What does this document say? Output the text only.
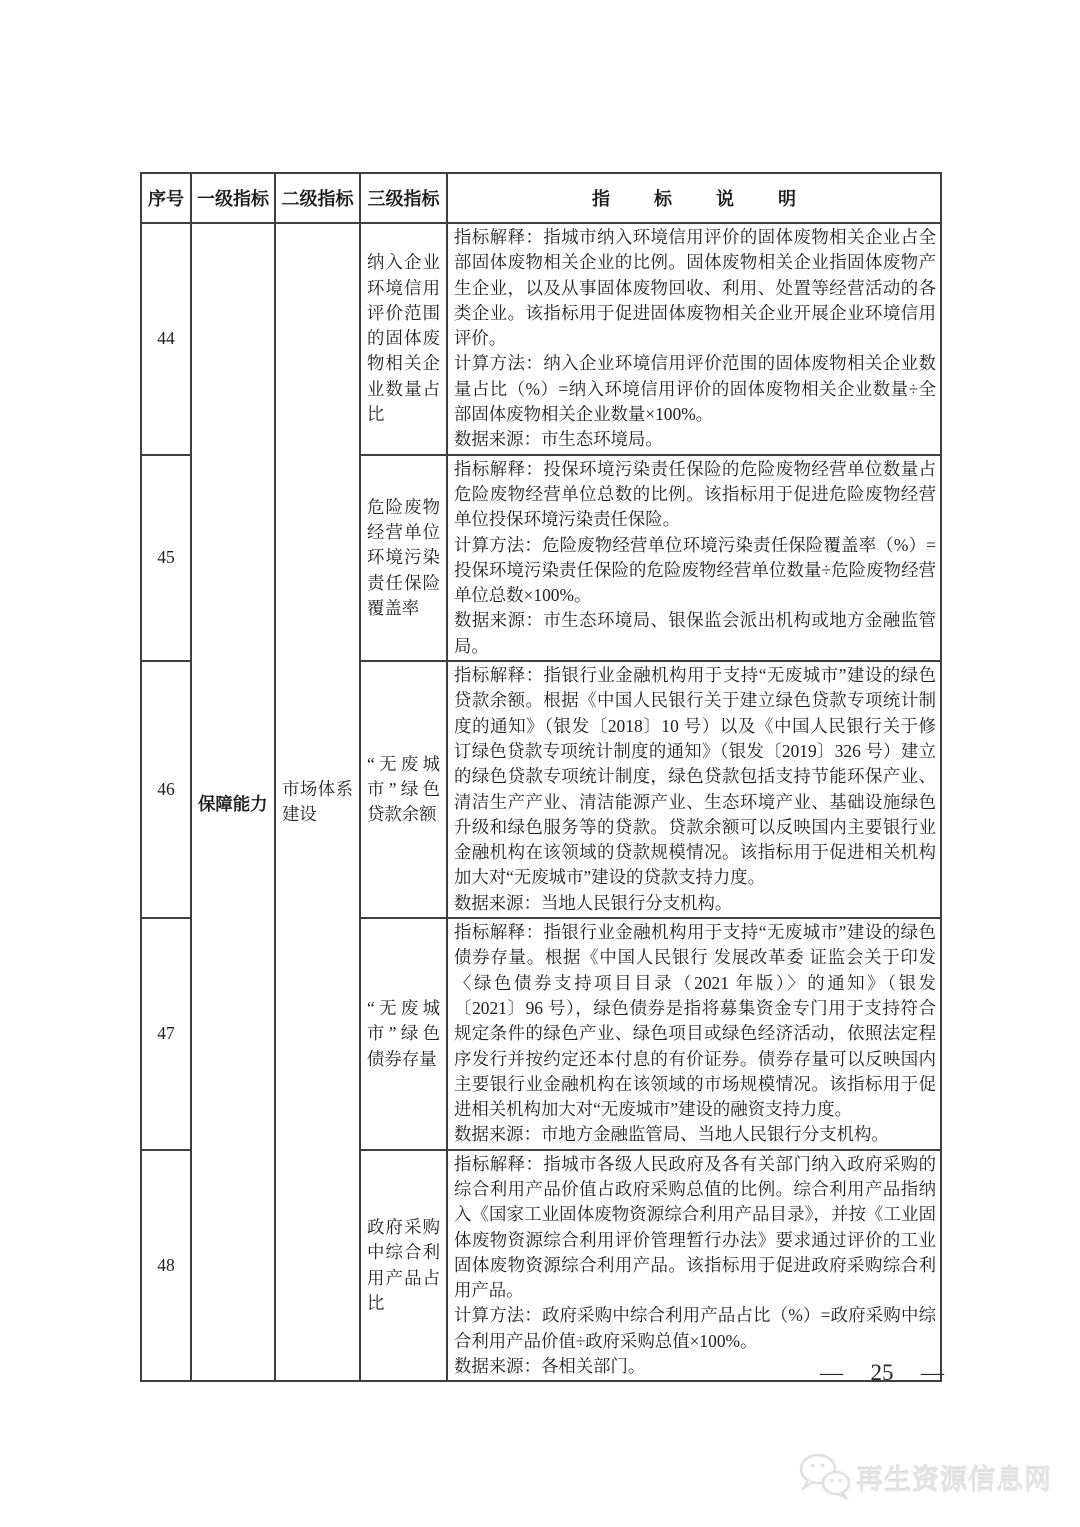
序号	一级指标	二级指标	三级指标	指标说明
44	保障能力	市场体系建设	纳入企业环境信用评价范围的固体废物相关企业数量占比	指标解释：指城市纳入环境信用评价的固体废物相关企业占全部固体废物相关企业的比例。固体废物相关企业指固体废物产生企业，以及从事固体废物回收、利用、处置等经营活动的各类企业。该指标用于促进固体废物相关企业开展企业环境信用评价。

计算方法：纳入企业环境信用评价范围的固体废物相关企业数量占比（%）=纳入环境信用评价的固体废物相关企业数量÷全部固体废物相关企业数量×100%。

数据来源：市生态环境局。

45			危险废物经营单位环境污染责任保险覆盖率	指标解释：投保环境污染责任保险的危险废物经营单位数量占危险废物经营单位总数的比例。该指标用于促进危险废物经营单位投保环境污染责任保险。

计算方法：危险废物经营单位环境污染责任保险覆盖率（%）=投保环境污染责任保险的危险废物经营单位数量÷危险废物经营单位总数×100%。

数据来源：市生态环境局、银保监会派出机构或地方金融监管局。

46			“无废城市”绿色贷款余额	指标解释：指银行业金融机构用于支持“无废城市”建设的绿色贷款余额。根据《中国人民银行关于建立绿色贷款专项统计制度的通知》（银发〔2018〕10 号）以及《中国人民银行关于修订绿色贷款专项统计制度的通知》（银发〔2019〕326 号）建立的绿色贷款专项统计制度，绿色贷款包括支持节能环保产业、清洁生产产业、清洁能源产业、生态环境产业、基础设施绿色升级和绿色服务等的贷款。贷款余额可以反映国内主要银行业金融机构在该领域的贷款规模情况。该指标用于促进相关机构加大对“无废城市”建设的贷款支持力度。

数据来源：当地人民银行分支机构。

47			“无废城市”绿色债券存量	指标解释：指银行业金融机构用于支持“无废城市”建设的绿色债券存量。根据《中国人民银行 发展改革委 证监会关于印发〈绿色债券支持项目目录（2021 年版）〉的通知》（银发〔2021〕96 号），绿色债券是指将募集资金专门用于支持符合规定条件的绿色产业、绿色项目或绿色经济活动，依照法定程序发行并按约定还本付息的有价证券。债券存量可以反映国内主要银行业金融机构在该领域的市场规模情况。该指标用于促进相关机构加大对“无废城市”建设的融资支持力度。

数据来源：市地方金融监管局、当地人民银行分支机构。

48			政府采购中综合利用产品占比	指标解释：指城市各级人民政府及各有关部门纳入政府采购的综合利用产品价值占政府采购总值的比例。综合利用产品指纳入《国家工业固体废物资源综合利用产品目录》，并按《工业固体废物资源综合利用评价管理暂行办法》要求通过评价的工业固体废物资源综合利用产品。该指标用于促进政府采购综合利用产品。

计算方法：政府采购中综合利用产品占比（%）=政府采购中综合利用产品价值÷政府采购总值×100%。

数据来源：各相关部门。	— 25 —
再生资源信息网
